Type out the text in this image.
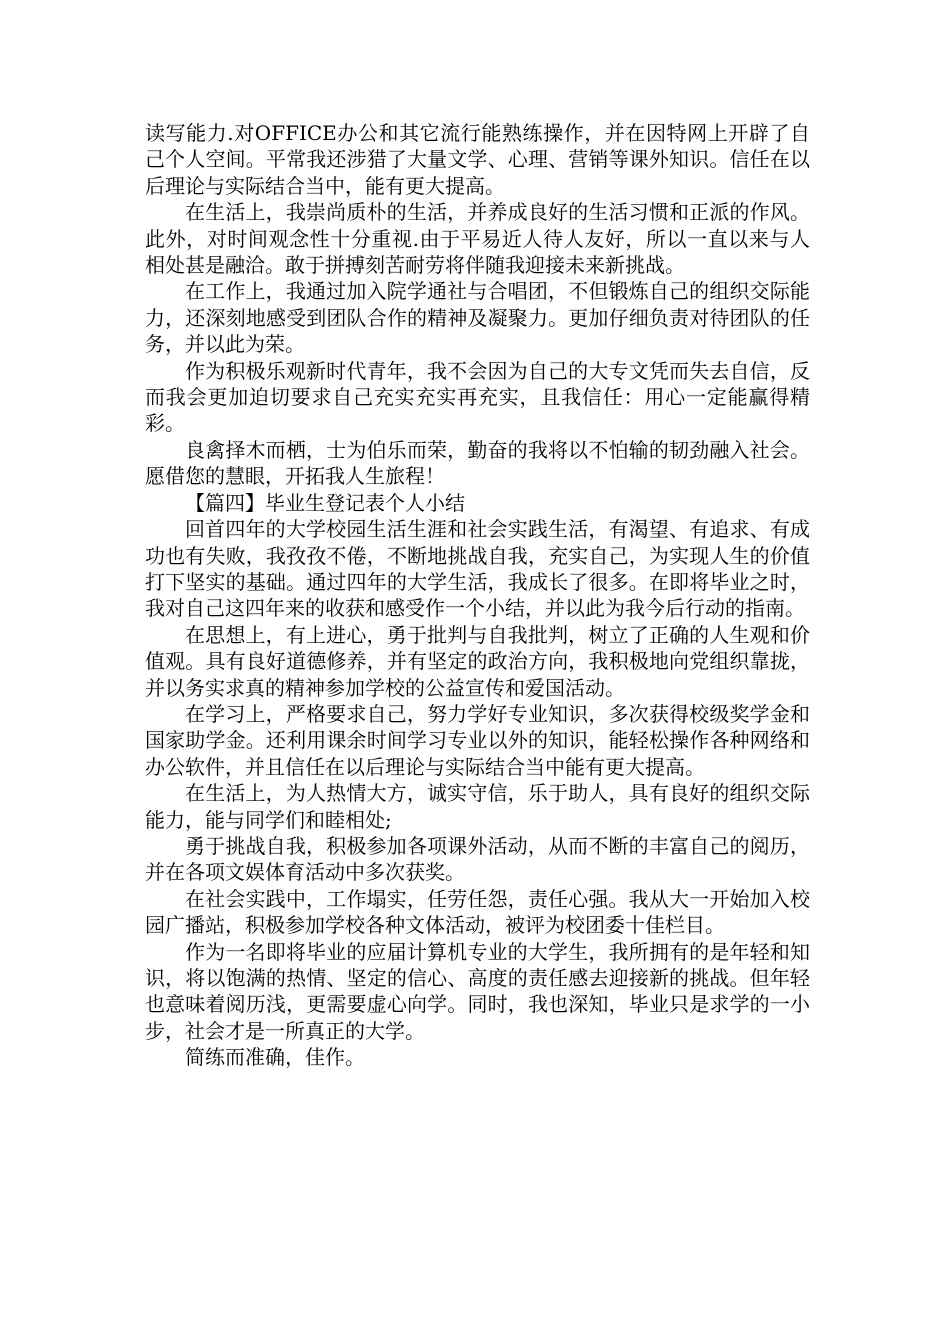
读写能力.对OFFICE办公和其它流行能熟练操作，并在因特网上开辟了自己个人空间。平常我还涉猎了大量文学、心理、营销等课外知识。信任在以后理论与实际结合当中，能有更大提高。

在生活上，我崇尚质朴的生活，并养成良好的生活习惯和正派的作风。此外，对时间观念性十分重视.由于平易近人待人友好，所以一直以来与人相处甚是融洽。敢于拼搏刻苦耐劳将伴随我迎接未来新挑战。

在工作上，我通过加入院学通社与合唱团，不但锻炼自己的组织交际能力，还深刻地感受到团队合作的精神及凝聚力。更加仔细负责对待团队的任务，并以此为荣。

作为积极乐观新时代青年，我不会因为自己的大专文凭而失去自信，反而我会更加迫切要求自己充实充实再充实，且我信任：用心一定能赢得精彩。

良禽择木而栖，士为伯乐而荣，勤奋的我将以不怕输的韧劲融入社会。愿借您的慧眼，开拓我人生旅程！

【篇四】毕业生登记表个人小结

回首四年的大学校园生活生涯和社会实践生活，有渴望、有追求、有成功也有失败，我孜孜不倦，不断地挑战自我，充实自己，为实现人生的价值打下坚实的基础。通过四年的大学生活，我成长了很多。在即将毕业之时，我对自己这四年来的收获和感受作一个小结，并以此为我今后行动的指南。

在思想上，有上进心，勇于批判与自我批判，树立了正确的人生观和价值观。具有良好道德修养，并有坚定的政治方向，我积极地向党组织靠拢，并以务实求真的精神参加学校的公益宣传和爱国活动。

在学习上，严格要求自己，努力学好专业知识，多次获得校级奖学金和国家助学金。还利用课余时间学习专业以外的知识，能轻松操作各种网络和办公软件，并且信任在以后理论与实际结合当中能有更大提高。

在生活上，为人热情大方，诚实守信，乐于助人，具有良好的组织交际能力，能与同学们和睦相处;

勇于挑战自我，积极参加各项课外活动，从而不断的丰富自己的阅历，并在各项文娱体育活动中多次获奖。

在社会实践中，工作塌实，任劳任怨，责任心强。我从大一开始加入校园广播站，积极参加学校各种文体活动，被评为校团委十佳栏目。

作为一名即将毕业的应届计算机专业的大学生，我所拥有的是年轻和知识，将以饱满的热情、坚定的信心、高度的责任感去迎接新的挑战。但年轻也意味着阅历浅，更需要虚心向学。同时，我也深知，毕业只是求学的一小步，社会才是一所真正的大学。

简练而准确，佳作。
